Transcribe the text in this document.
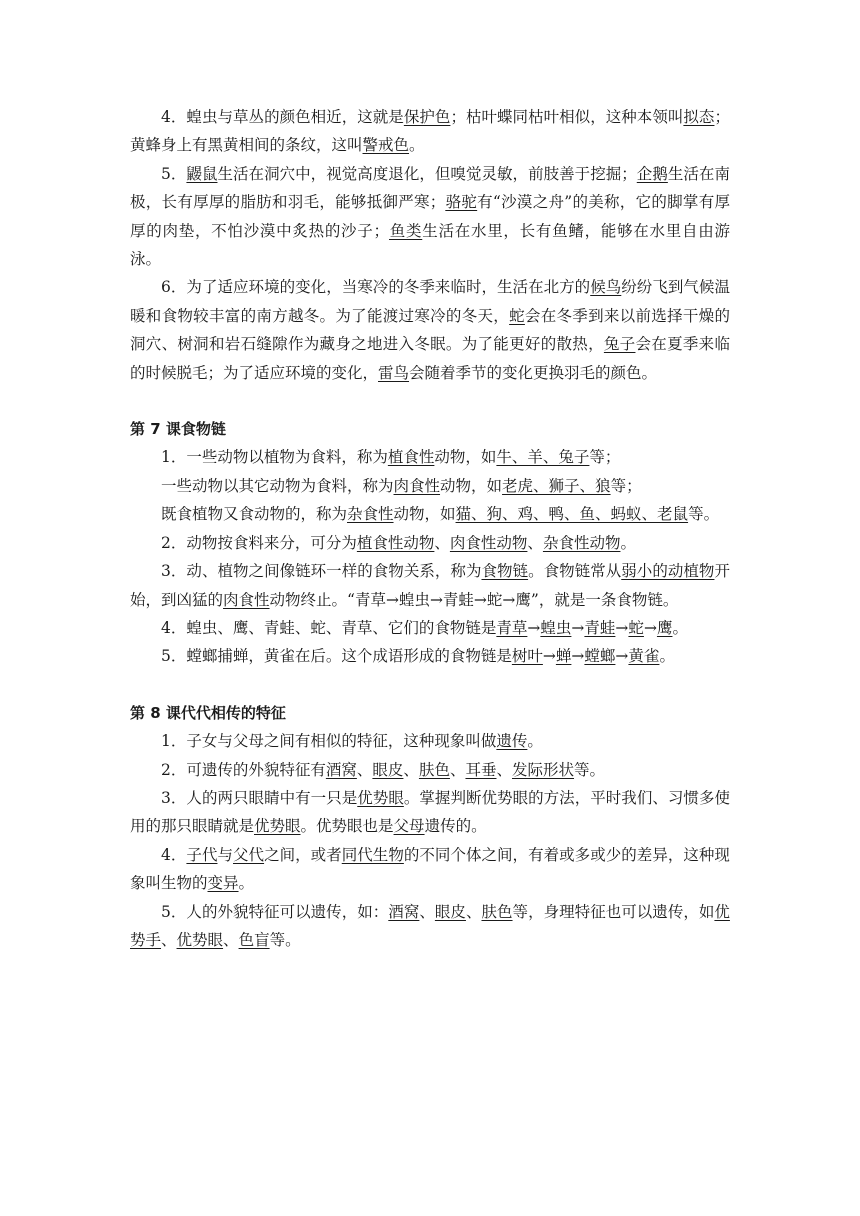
4．蝗虫与草丛的颜色相近，这就是保护色；枯叶蝶同枯叶相似，这种本领叫拟态；黄蜂身上有黑黄相间的条纹，这叫警戒色。

5．鼹鼠生活在洞穴中，视觉高度退化，但嗅觉灵敏，前肢善于挖掘；企鹅生活在南极，长有厚厚的脂肪和羽毛，能够抵御严寒；骆驼有“沙漠之舟”的美称，它的脚掌有厚厚的肉垫，不怕沙漠中炙热的沙子；鱼类生活在水里，长有鱼鳍，能够在水里自由游泳。

6．为了适应环境的变化，当寒冷的冬季来临时，生活在北方的候鸟纷纷飞到气候温暖和食物较丰富的南方越冬。为了能渡过寒冷的冬天，蛇会在冬季到来以前选择干燥的洞穴、树洞和岩石缝隙作为藏身之地进入冬眠。为了能更好的散热，兔子会在夏季来临的时候脱毛；为了适应环境的变化，雷鸟会随着季节的变化更换羽毛的颜色。

第 7 课食物链

1．一些动物以植物为食料，称为植食性动物，如牛、羊、兔子等；

一些动物以其它动物为食料，称为肉食性动物，如老虎、狮子、狼等；

既食植物又食动物的，称为杂食性动物，如猫、狗、鸡、鸭、鱼、蚂蚁、老鼠等。

2．动物按食料来分，可分为植食性动物、肉食性动物、杂食性动物。

3．动、植物之间像链环一样的食物关系，称为食物链。食物链常从弱小的动植物开始，到凶猛的肉食性动物终止。“青草→蝗虫→青蛙→蛇→鹰”，就是一条食物链。

4．蝗虫、鹰、青蛙、蛇、青草、它们的食物链是青草→蝗虫→青蛙→蛇→鹰。

5．螳螂捕蝉，黄雀在后。这个成语形成的食物链是树叶→蝉→螳螂→黄雀。

第 8 课代代相传的特征

1．子女与父母之间有相似的特征，这种现象叫做遗传。

2．可遗传的外貌特征有酒窝、眼皮、肤色、耳垂、发际形状等。

3．人的两只眼睛中有一只是优势眼。掌握判断优势眼的方法，平时我们、习惯多使用的那只眼睛就是优势眼。优势眼也是父母遗传的。

4．子代与父代之间，或者同代生物的不同个体之间，有着或多或少的差异，这种现象叫生物的变异。

5．人的外貌特征可以遗传，如：酒窝、眼皮、肤色等，身理特征也可以遗传，如优势手、优势眼、色盲等。
